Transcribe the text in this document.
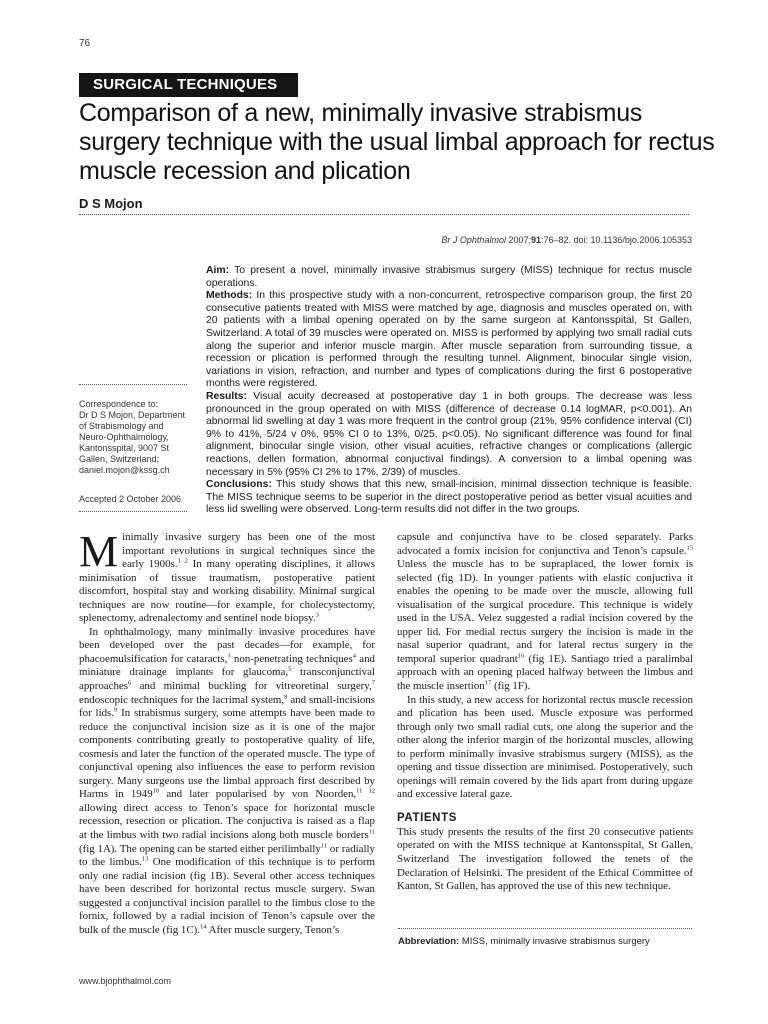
76
SURGICAL TECHNIQUES
Comparison of a new, minimally invasive strabismus surgery technique with the usual limbal approach for rectus muscle recession and plication
D S Mojon
Br J Ophthalmol 2007;91:76–82. doi: 10.1136/bjo.2006.105353

Aim: To present a novel, minimally invasive strabismus surgery (MISS) technique for rectus muscle operations.

Methods: In this prospective study with a non-concurrent, retrospective comparison group, the first 20 consecutive patients treated with MISS were matched by age, diagnosis and muscles operated on, with 20 patients with a limbal opening operated on by the same surgeon at Kantonsspital, St Gallen, Switzerland. A total of 39 muscles were operated on. MISS is performed by applying two small radial cuts along the superior and inferior muscle margin. After muscle separation from surrounding tissue, a recession or plication is performed through the resulting tunnel. Alignment, binocular single vision, variations in vision, refraction, and number and types of complications during the first 6 postoperative months were registered.

Results: Visual acuity decreased at postoperative day 1 in both groups. The decrease was less pronounced in the group operated on with MISS (difference of decrease 0.14 logMAR, p<0.001). An abnormal lid swelling at day 1 was more frequent in the control group (21%, 95% confidence interval (CI) 9% to 41%, 5/24 v 0%, 95% CI 0 to 13%, 0/25, p<0.05). No significant difference was found for final alignment, binocular single vision, other visual acuities, refractive changes or complications (allergic reactions, dellen formation, abnormal conjuctival findings). A conversion to a limbal opening was necessary in 5% (95% CI 2% to 17%, 2/39) of muscles.

Conclusions: This study shows that this new, small-incision, minimal dissection technique is feasible. The MISS technique seems to be superior in the direct postoperative period as better visual acuities and less lid swelling were observed. Long-term results did not differ in the two groups.

Correspondence to:
Dr D S Mojon, Department
of Strabismology and
Neuro-Ophthalmology,
Kantonsspital, 9007 St
Gallen, Switzerland;
daniel.mojon@kssg.ch
Accepted 2 October 2006

Minimally invasive surgery has been one of the most important revolutions in surgical techniques since the early 1900s.$^{1 2}$ In many operating disciplines, it allows minimisation of tissue traumatism, postoperative patient discomfort, hospital stay and working disability. Minimal surgical techniques are now routine—for example, for cholecystectomy, splenectomy, adrenalectomy and sentinel node biopsy.$^3$

In ophthalmology, many minimally invasive procedures have been developed over the past decades—for example, for phacoemulsification for cataracts,$^3$ non-penetrating techniques$^4$ and miniature drainage implants for glaucoma,$^5$ transconjunctival approaches$^6$ and minimal buckling for vitreoretinal surgery,$^7$ endoscopic techniques for the lacrimal system,$^8$ and small-incisions for lids.$^9$ In strabismus surgery, some attempts have been made to reduce the conjunctival incision size as it is one of the major components contributing greatly to postoperative quality of life, cosmesis and later the function of the operated muscle. The type of conjunctival opening also influences the ease to perform revision surgery. Many surgeons use the limbal approach first described by Harms in 1949$^{10}$ and later popularised by von Noorden,$^{11 12}$ allowing direct access to Tenon’s space for horizontal muscle recession, resection or plication. The conjuctiva is raised as a flap at the limbus with two radial incisions along both muscle borders$^{11}$ (fig 1A). The opening can be started either perilimbally$^{11}$ or radially to the limbus.$^{13}$ One modification of this technique is to perform only one radial incision (fig 1B). Several other access techniques have been described for horizontal rectus muscle surgery. Swan suggested a conjunctival incision parallel to the limbus close to the fornix, followed by a radial incision of Tenon’s capsule over the bulk of the muscle (fig 1C).$^{14}$ After muscle surgery, Tenon’s

capsule and conjunctiva have to be closed separately. Parks advocated a fornix incision for conjunctiva and Tenon’s capsule.$^{15}$ Unless the muscle has to be supraplaced, the lower fornix is selected (fig 1D). In younger patients with elastic conjuctiva it enables the opening to be made over the muscle, allowing full visualisation of the surgical procedure. This technique is widely used in the USA. Velez suggested a radial incision covered by the upper lid. For medial rectus surgery the incision is made in the nasal superior quadrant, and for lateral rectus surgery in the temporal superior quadrant$^{16}$ (fig 1E). Santiago tried a paralimbal approach with an opening placed halfway between the limbus and the muscle insertion$^{17}$ (fig 1F).

In this study, a new access for horizontal rectus muscle recession and plication has been used. Muscle exposure was performed through only two small radial cuts, one along the superior and the other along the inferior margin of the horizontal muscles, allowing to perform minimally invasive strabismus surgery (MISS), as the opening and tissue dissection are minimised. Postoperatively, such openings will remain covered by the lids apart from during upgaze and excessive lateral gaze.

PATIENTS

This study presents the results of the first 20 consecutive patients operated on with the MISS technique at Kantonsspital, St Gallen, Switzerland The investigation followed the tenets of the Declaration of Helsinki. The president of the Ethical Committee of Kanton, St Gallen, has approved the use of this new technique.

Abbreviation: MISS, minimally invasive strabismus surgery
www.bjophthalmol.com
